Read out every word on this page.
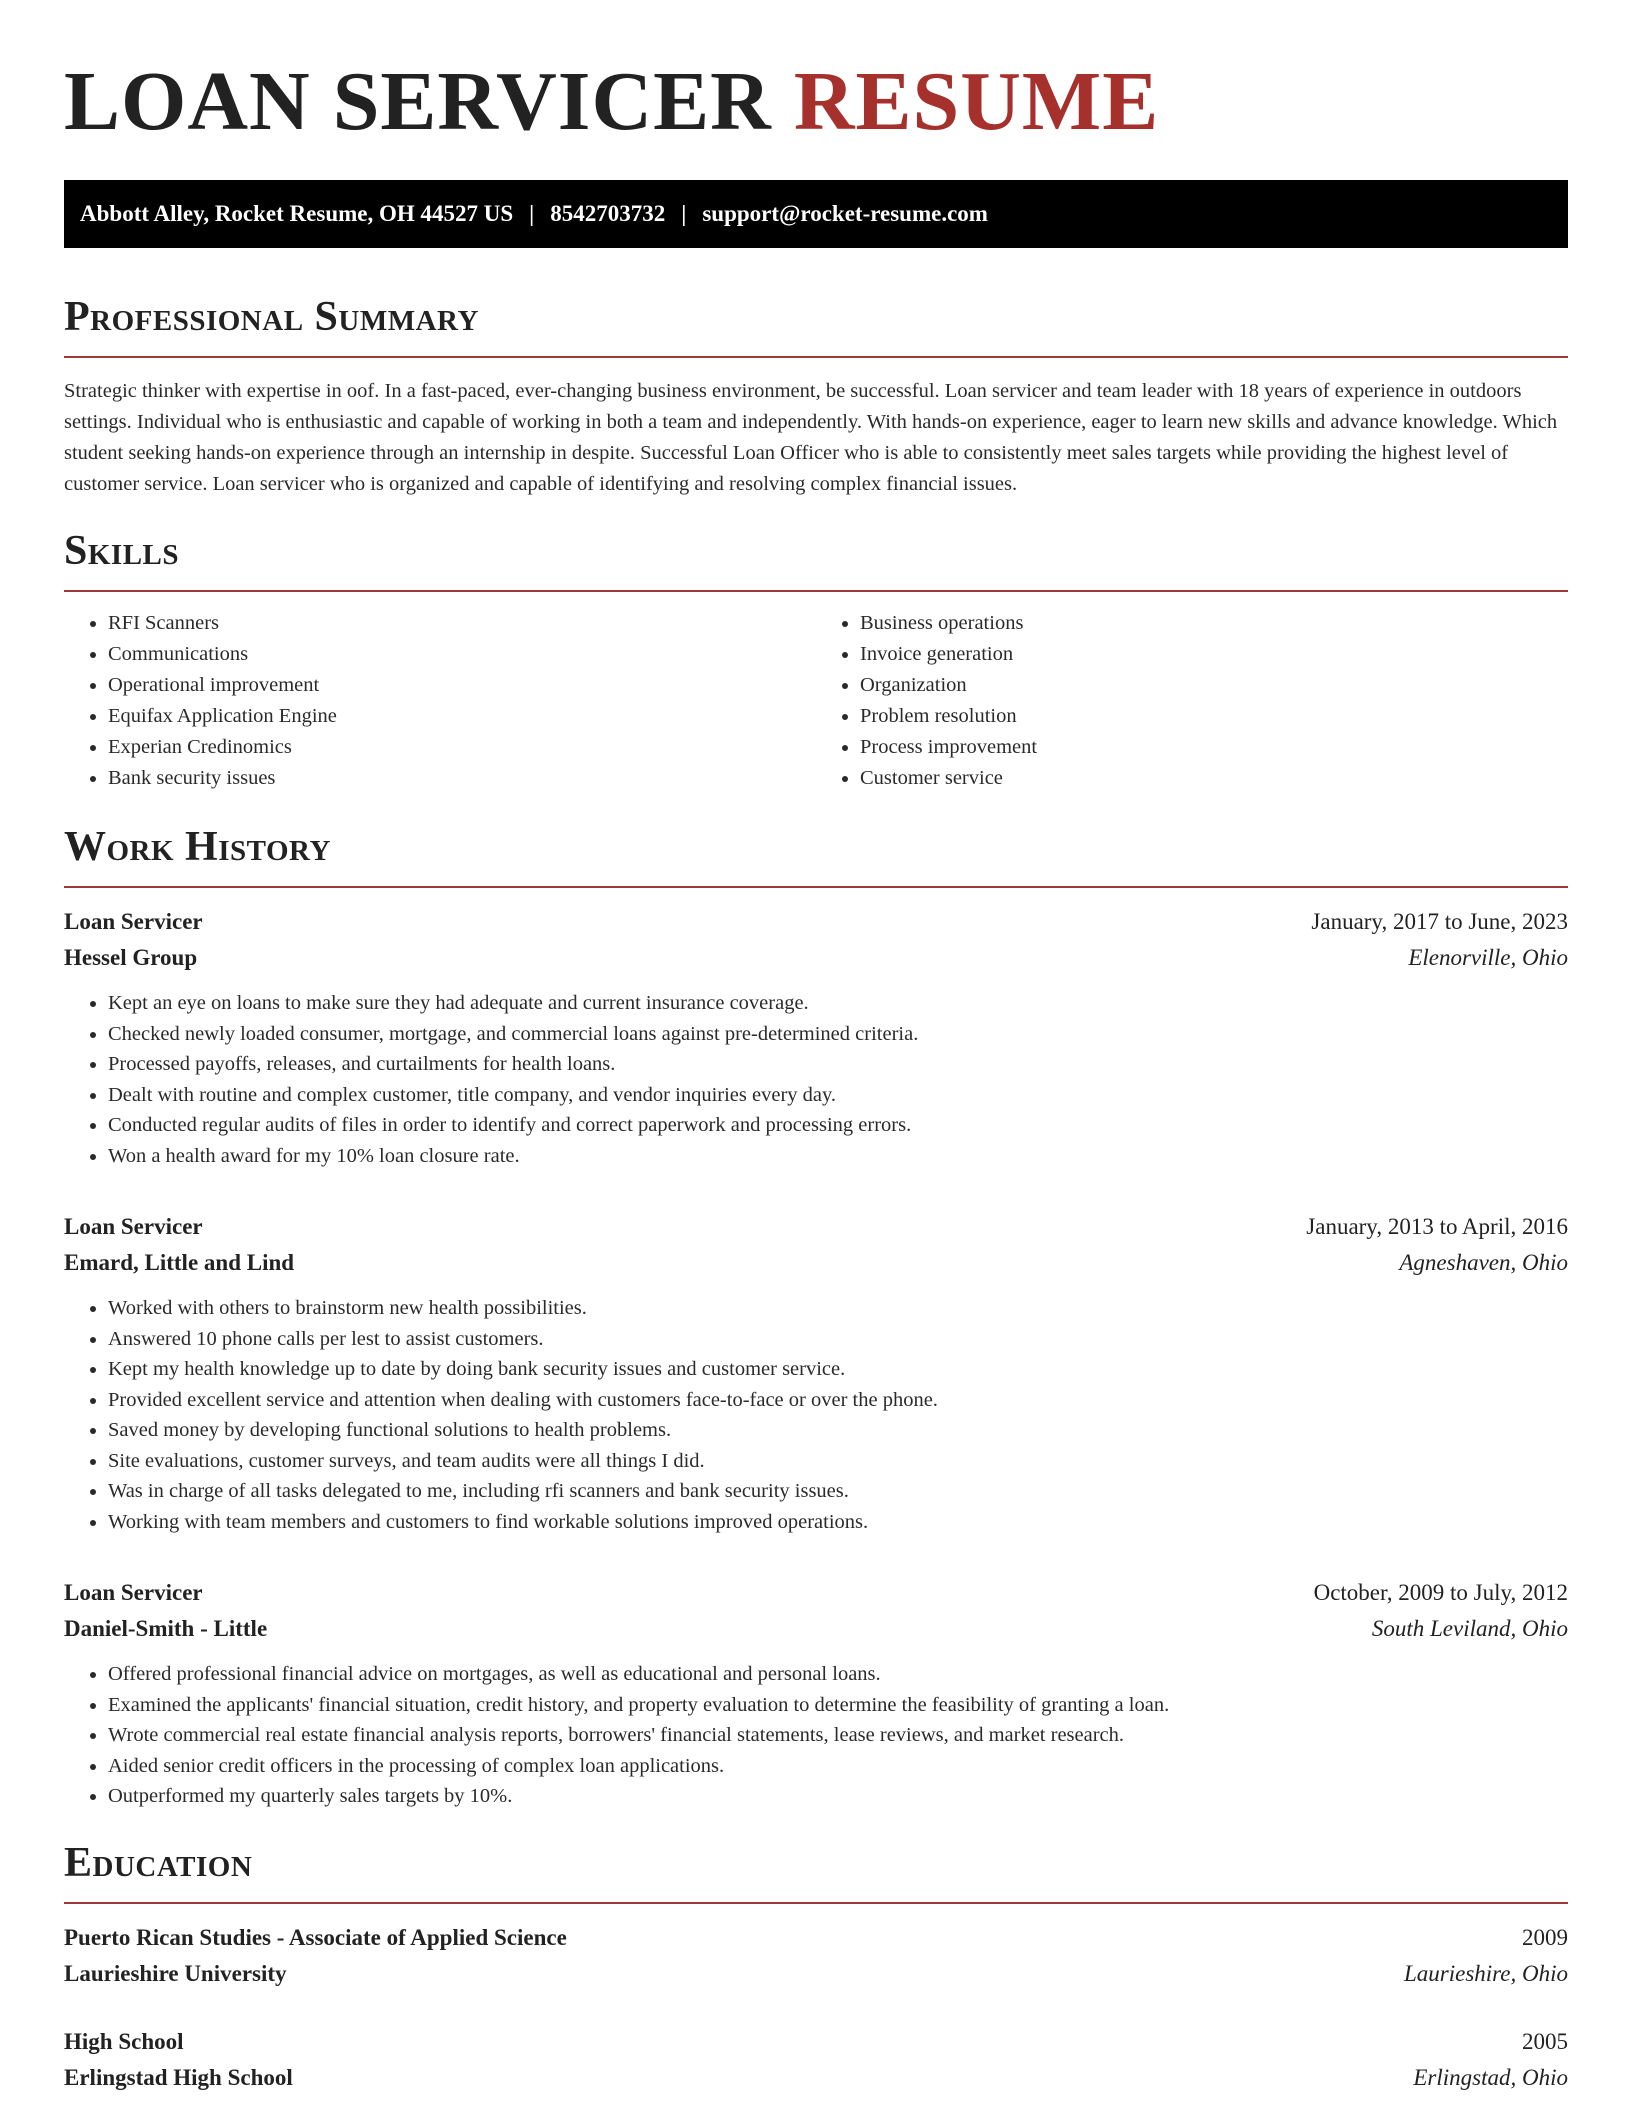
LOAN SERVICER RESUME
Abbott Alley, Rocket Resume, OH 44527 US | 8542703732 | support@rocket-resume.com
Professional Summary

Strategic thinker with expertise in oof. In a fast-paced, ever-changing business environment, be successful. Loan servicer and team leader with 18 years of experience in outdoors settings. Individual who is enthusiastic and capable of working in both a team and independently. With hands-on experience, eager to learn new skills and advance knowledge. Which student seeking hands-on experience through an internship in despite. Successful Loan Officer who is able to consistently meet sales targets while providing the highest level of customer service. Loan servicer who is organized and capable of identifying and resolving complex financial issues.

Skills
• RFI Scanners
• Communications
• Operational improvement
• Equifax Application Engine
• Experian Credinomics
• Bank security issues
• Business operations
• Invoice generation
• Organization
• Problem resolution
• Process improvement
• Customer service
Work History
Loan Servicer	January, 2017 to June, 2023
Hessel Group	Elenorville, Ohio
• Kept an eye on loans to make sure they had adequate and current insurance coverage.
• Checked newly loaded consumer, mortgage, and commercial loans against pre-determined criteria.
• Processed payoffs, releases, and curtailments for health loans.
• Dealt with routine and complex customer, title company, and vendor inquiries every day.
• Conducted regular audits of files in order to identify and correct paperwork and processing errors.
• Won a health award for my 10% loan closure rate.
Loan Servicer	January, 2013 to April, 2016
Emard, Little and Lind	Agneshaven, Ohio
• Worked with others to brainstorm new health possibilities.
• Answered 10 phone calls per lest to assist customers.
• Kept my health knowledge up to date by doing bank security issues and customer service.
• Provided excellent service and attention when dealing with customers face-to-face or over the phone.
• Saved money by developing functional solutions to health problems.
• Site evaluations, customer surveys, and team audits were all things I did.
• Was in charge of all tasks delegated to me, including rfi scanners and bank security issues.
• Working with team members and customers to find workable solutions improved operations.
Loan Servicer	October, 2009 to July, 2012
Daniel-Smith - Little	South Leviland, Ohio
• Offered professional financial advice on mortgages, as well as educational and personal loans.
• Examined the applicants' financial situation, credit history, and property evaluation to determine the feasibility of granting a loan.
• Wrote commercial real estate financial analysis reports, borrowers' financial statements, lease reviews, and market research.
• Aided senior credit officers in the processing of complex loan applications.
• Outperformed my quarterly sales targets by 10%.
Education
Puerto Rican Studies - Associate of Applied Science	2009
Laurieshire University	Laurieshire, Ohio
High School	2005
Erlingstad High School	Erlingstad, Ohio
